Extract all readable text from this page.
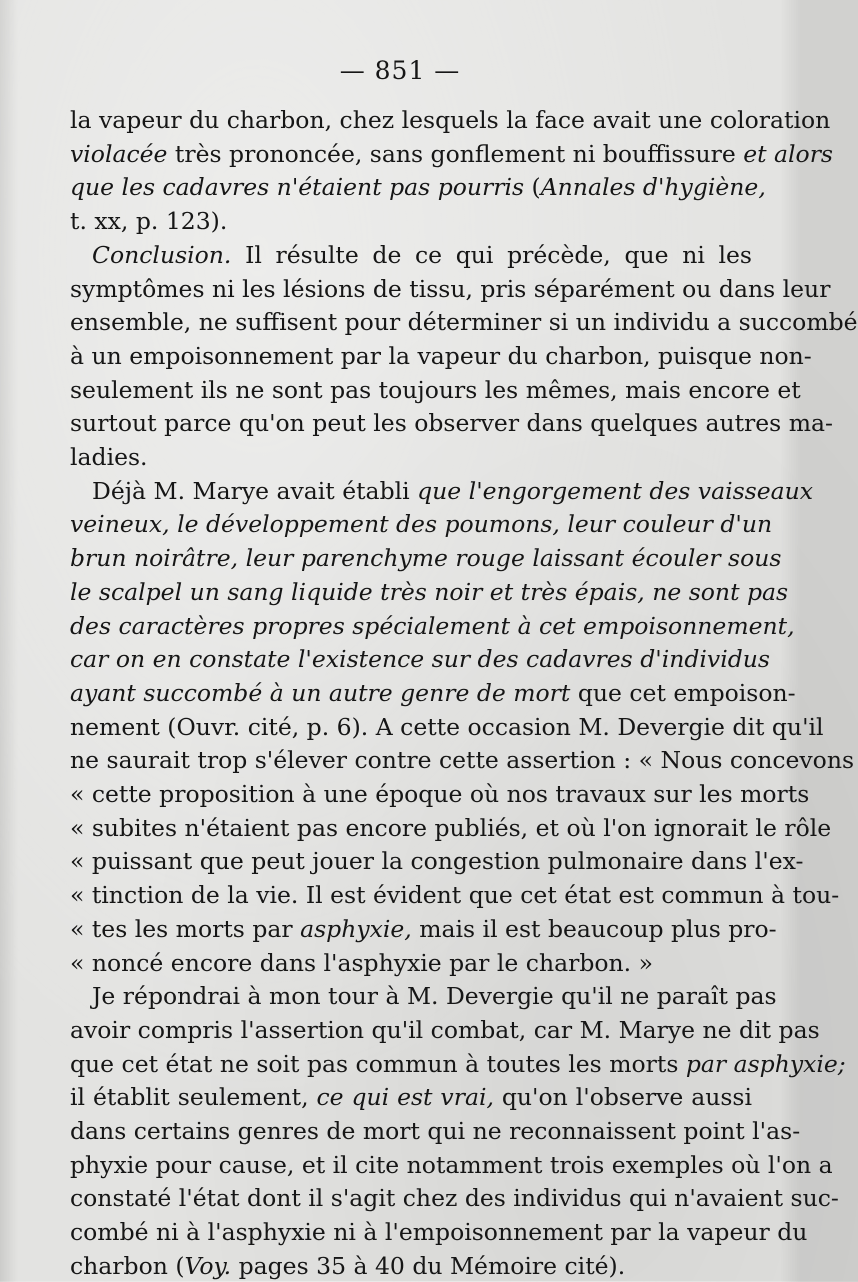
— 851 —
la vapeur du charbon, chez lesquels la face avait une coloration
violacée très prononcée, sans gonflement ni bouffissure et alors
que les cadavres n'étaient pas pourris (Annales d'hygiène,
t. xx, p. 123).
Conclusion. Il résulte de ce qui précède, que ni les
symptômes ni les lésions de tissu, pris séparément ou dans leur
ensemble, ne suffisent pour déterminer si un individu a succombé
à un empoisonnement par la vapeur du charbon, puisque non-
seulement ils ne sont pas toujours les mêmes, mais encore et
surtout parce qu'on peut les observer dans quelques autres ma-
ladies.
Déjà M. Marye avait établi que l'engorgement des vaisseaux
veineux, le développement des poumons, leur couleur d'un
brun noirâtre, leur parenchyme rouge laissant écouler sous
le scalpel un sang liquide très noir et très épais, ne sont pas
des caractères propres spécialement à cet empoisonnement,
car on en constate l'existence sur des cadavres d'individus
ayant succombé à un autre genre de mort que cet empoison-
nement (Ouvr. cité, p. 6). A cette occasion M. Devergie dit qu'il
ne saurait trop s'élever contre cette assertion : « Nous concevons
« cette proposition à une époque où nos travaux sur les morts
« subites n'étaient pas encore publiés, et où l'on ignorait le rôle
« puissant que peut jouer la congestion pulmonaire dans l'ex-
« tinction de la vie. Il est évident que cet état est commun à tou-
« tes les morts par asphyxie, mais il est beaucoup plus pro-
« noncé encore dans l'asphyxie par le charbon. »
Je répondrai à mon tour à M. Devergie qu'il ne paraît pas
avoir compris l'assertion qu'il combat, car M. Marye ne dit pas
que cet état ne soit pas commun à toutes les morts par asphyxie;
il établit seulement, ce qui est vrai, qu'on l'observe aussi
dans certains genres de mort qui ne reconnaissent point l'as-
phyxie pour cause, et il cite notamment trois exemples où l'on a
constaté l'état dont il s'agit chez des individus qui n'avaient suc-
combé ni à l'asphyxie ni à l'empoisonnement par la vapeur du
charbon (Voy. pages 35 à 40 du Mémoire cité).
